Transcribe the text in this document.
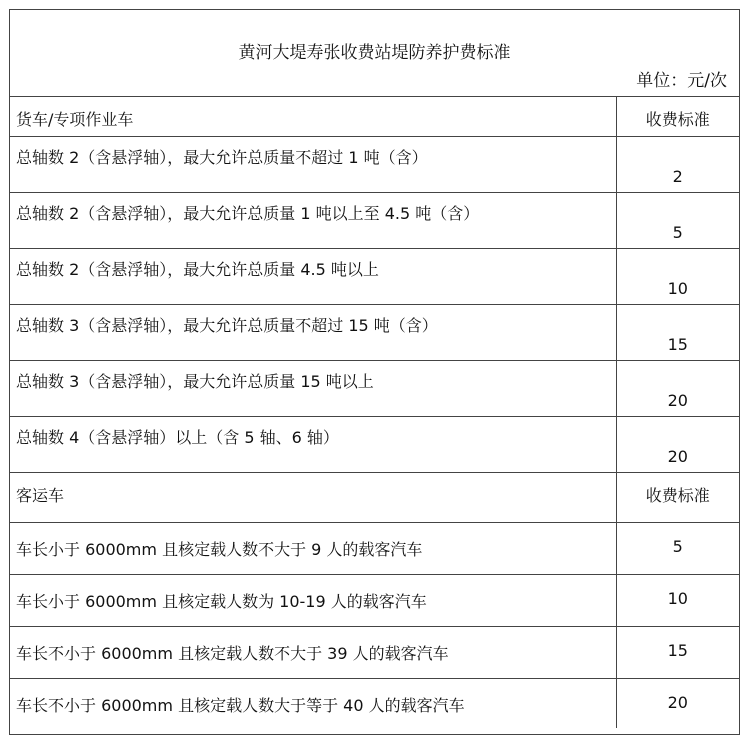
黄河大堤寿张收费站堤防养护费标准
单位：元/次
货车/专项作业车	收费标准
总轴数 2（含悬浮轴），最大允许总质量不超过 1 吨（含）	2
总轴数 2（含悬浮轴），最大允许总质量 1 吨以上至 4.5 吨（含）	5
总轴数 2（含悬浮轴），最大允许总质量 4.5 吨以上	10
总轴数 3（含悬浮轴），最大允许总质量不超过 15 吨（含）	15
总轴数 3（含悬浮轴），最大允许总质量 15 吨以上	20
总轴数 4（含悬浮轴）以上（含 5 轴、6 轴）	20
客运车	收费标准
车长小于 6000mm 且核定载人数不大于 9 人的载客汽车	5
车长小于 6000mm 且核定载人数为 10-19 人的载客汽车	10
车长不小于 6000mm 且核定载人数不大于 39 人的载客汽车	15
车长不小于 6000mm 且核定载人数大于等于 40 人的载客汽车	20
